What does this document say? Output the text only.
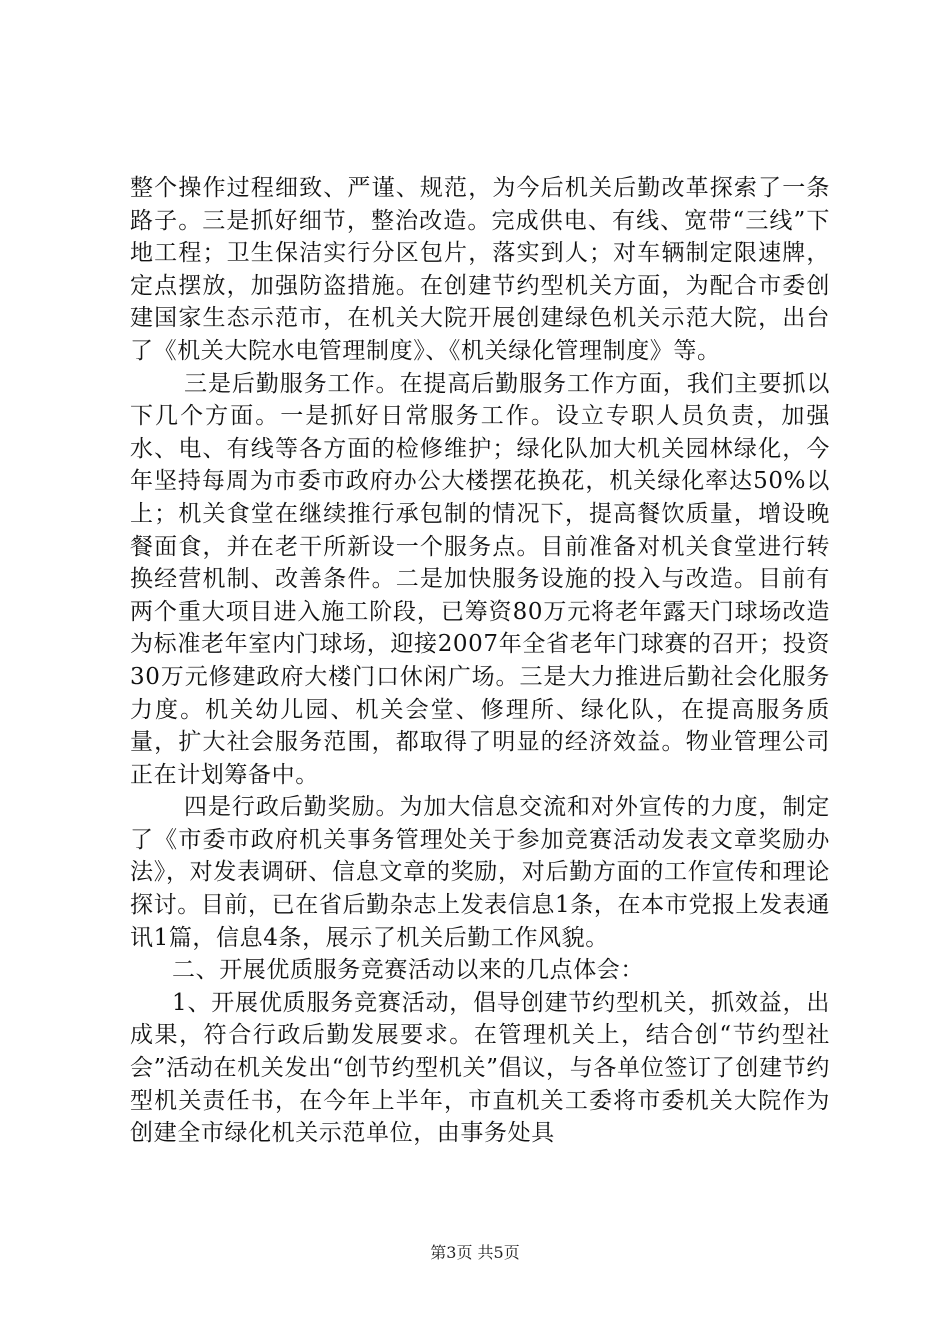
整个操作过程细致、严谨、规范，为今后机关后勤改革探索了一条路子。三是抓好细节，整治改造。完成供电、有线、宽带“三线”下地工程；卫生保洁实行分区包片，落实到人；对车辆制定限速牌，定点摆放，加强防盗措施。在创建节约型机关方面，为配合市委创建国家生态示范市，在机关大院开展创建绿色机关示范大院，出台了《机关大院水电管理制度》、《机关绿化管理制度》等。

三是后勤服务工作。在提高后勤服务工作方面，我们主要抓以下几个方面。一是抓好日常服务工作。设立专职人员负责，加强水、电、有线等各方面的检修维护；绿化队加大机关园林绿化，今年坚持每周为市委市政府办公大楼摆花换花，机关绿化率达50%以上；机关食堂在继续推行承包制的情况下，提高餐饮质量，增设晚餐面食，并在老干所新设一个服务点。目前准备对机关食堂进行转换经营机制、改善条件。二是加快服务设施的投入与改造。目前有两个重大项目进入施工阶段，已筹资80万元将老年露天门球场改造为标准老年室内门球场，迎接2007年全省老年门球赛的召开；投资30万元修建政府大楼门口休闲广场。三是大力推进后勤社会化服务力度。机关幼儿园、机关会堂、修理所、绿化队，在提高服务质量，扩大社会服务范围，都取得了明显的经济效益。物业管理公司正在计划筹备中。

四是行政后勤奖励。为加大信息交流和对外宣传的力度，制定了《市委市政府机关事务管理处关于参加竞赛活动发表文章奖励办法》，对发表调研、信息文章的奖励，对后勤方面的工作宣传和理论探讨。目前，已在省后勤杂志上发表信息1条，在本市党报上发表通讯1篇，信息4条，展示了机关后勤工作风貌。

二、开展优质服务竞赛活动以来的几点体会：

1、开展优质服务竞赛活动，倡导创建节约型机关，抓效益，出成果，符合行政后勤发展要求。在管理机关上，结合创“节约型社会”活动在机关发出“创节约型机关”倡议，与各单位签订了创建节约型机关责任书，在今年上半年，市直机关工委将市委机关大院作为创建全市绿化机关示范单位，由事务处具

第3页 共5页
